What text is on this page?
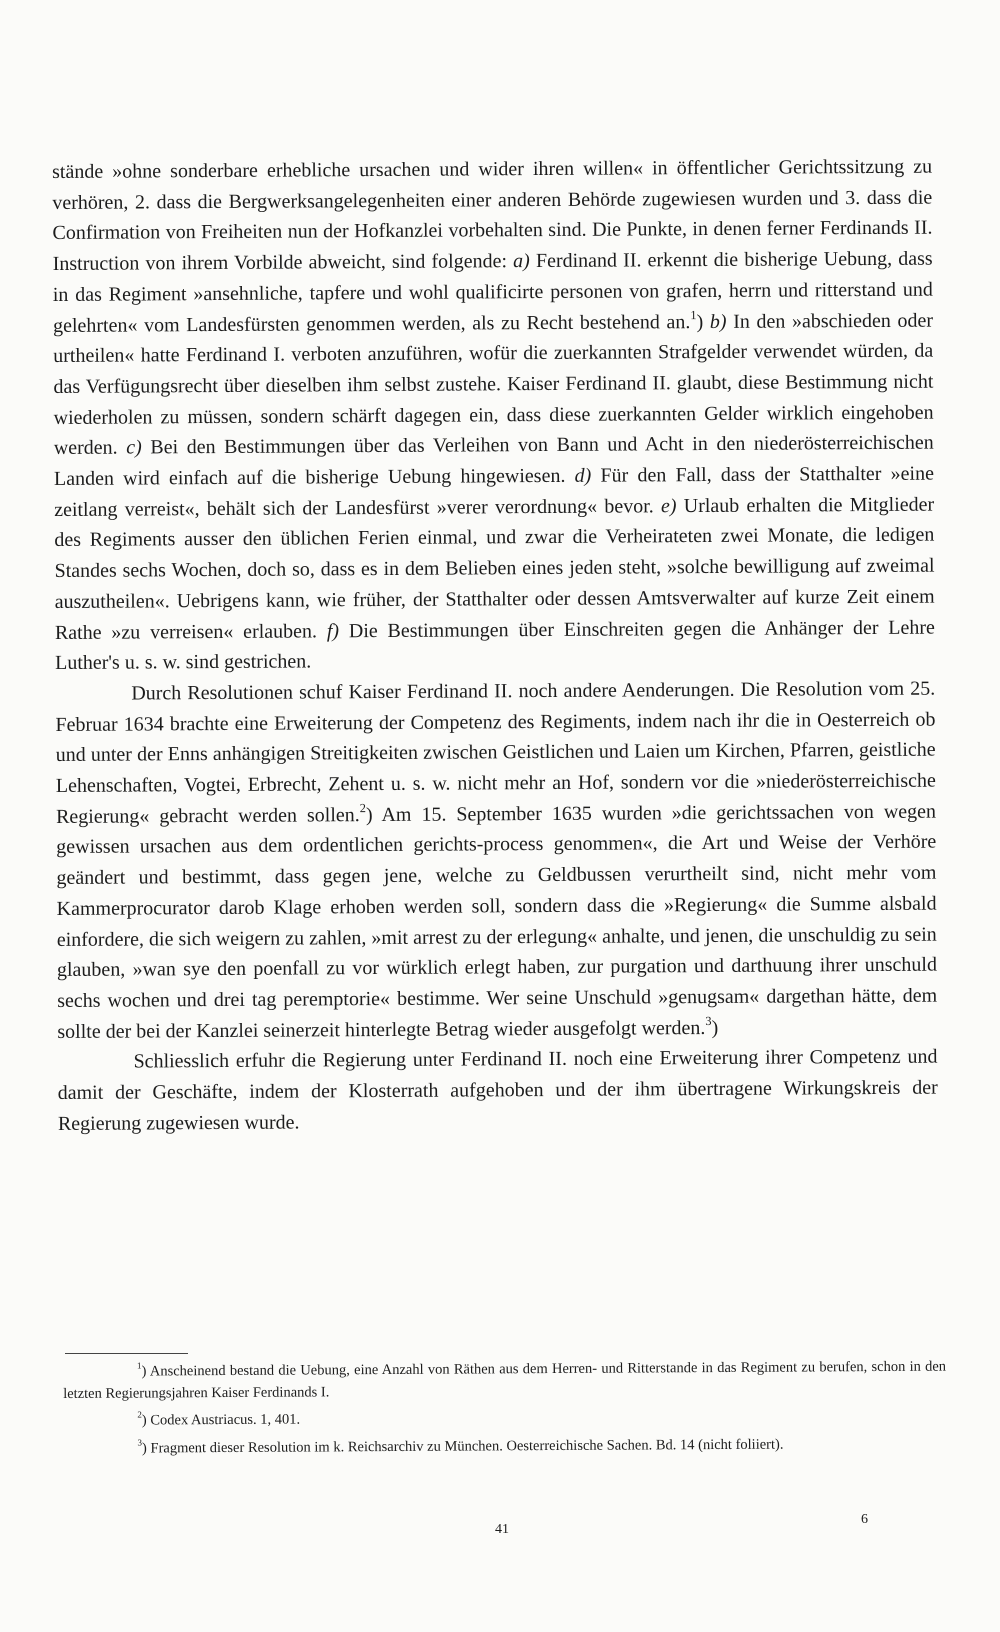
stände »ohne sonderbare erhebliche ursachen und wider ihren willen« in öffentlicher Gerichtssitzung zu verhören, 2. dass die Bergwerksangelegenheiten einer anderen Behörde zugewiesen wurden und 3. dass die Confirmation von Freiheiten nun der Hofkanzlei vorbehalten sind. Die Punkte, in denen ferner Ferdinands II. Instruction von ihrem Vorbilde abweicht, sind folgende: a) Ferdinand II. erkennt die bisherige Uebung, dass in das Regiment »ansehnliche, tapfere und wohl qualificirte personen von grafen, herrn und ritterstand und gelehrten« vom Landesfürsten genommen werden, als zu Recht bestehend an.$^1$) b) In den »abschieden oder urtheilen« hatte Ferdinand I. verboten anzuführen, wofür die zuerkannten Strafgelder verwendet würden, da das Verfügungsrecht über dieselben ihm selbst zustehe. Kaiser Ferdinand II. glaubt, diese Bestimmung nicht wiederholen zu müssen, sondern schärft dagegen ein, dass diese zuerkannten Gelder wirklich eingehoben werden. c) Bei den Bestimmungen über das Verleihen von Bann und Acht in den niederösterreichischen Landen wird einfach auf die bisherige Uebung hingewiesen. d) Für den Fall, dass der Statthalter »eine zeitlang verreist«, behält sich der Landesfürst »verer verordnung« bevor. e) Urlaub erhalten die Mitglieder des Regiments ausser den üblichen Ferien einmal, und zwar die Verheirateten zwei Monate, die ledigen Standes sechs Wochen, doch so, dass es in dem Belieben eines jeden steht, »solche bewilligung auf zweimal auszutheilen«. Uebrigens kann, wie früher, der Statthalter oder dessen Amtsverwalter auf kurze Zeit einem Rathe »zu verreisen« erlauben. f) Die Bestimmungen über Einschreiten gegen die Anhänger der Lehre Luther's u. s. w. sind gestrichen.

Durch Resolutionen schuf Kaiser Ferdinand II. noch andere Aenderungen. Die Resolution vom 25. Februar 1634 brachte eine Erweiterung der Competenz des Regiments, indem nach ihr die in Oesterreich ob und unter der Enns anhängigen Streitigkeiten zwischen Geistlichen und Laien um Kirchen, Pfarren, geistliche Lehenschaften, Vogtei, Erbrecht, Zehent u. s. w. nicht mehr an Hof, sondern vor die »niederösterreichische Regierung« gebracht werden sollen.$^2$) Am 15. September 1635 wurden »die gerichtssachen von wegen gewissen ursachen aus dem ordentlichen gerichts-process genommen«, die Art und Weise der Verhöre geändert und bestimmt, dass gegen jene, welche zu Geldbussen verurtheilt sind, nicht mehr vom Kammerprocurator darob Klage erhoben werden soll, sondern dass die »Regierung« die Summe alsbald einfordere, die sich weigern zu zahlen, »mit arrest zu der erlegung« anhalte, und jenen, die unschuldig zu sein glauben, »wan sye den poenfall zu vor würklich erlegt haben, zur purgation und darthuung ihrer unschuld sechs wochen und drei tag peremptorie« bestimme. Wer seine Unschuld »genugsam« dargethan hätte, dem sollte der bei der Kanzlei seinerzeit hinterlegte Betrag wieder ausgefolgt werden.$^3$)

Schliesslich erfuhr die Regierung unter Ferdinand II. noch eine Erweiterung ihrer Competenz und damit der Geschäfte, indem der Klosterrath aufgehoben und der ihm übertragene Wirkungskreis der Regierung zugewiesen wurde.

$^1$) Anscheinend bestand die Uebung, eine Anzahl von Räthen aus dem Herren- und Ritterstande in das Regiment zu berufen, schon in den letzten Regierungsjahren Kaiser Ferdinands I.

$^2$) Codex Austriacus. 1, 401.

$^3$) Fragment dieser Resolution im k. Reichsarchiv zu München. Oesterreichische Sachen. Bd. 14 (nicht foliiert).

41
6
